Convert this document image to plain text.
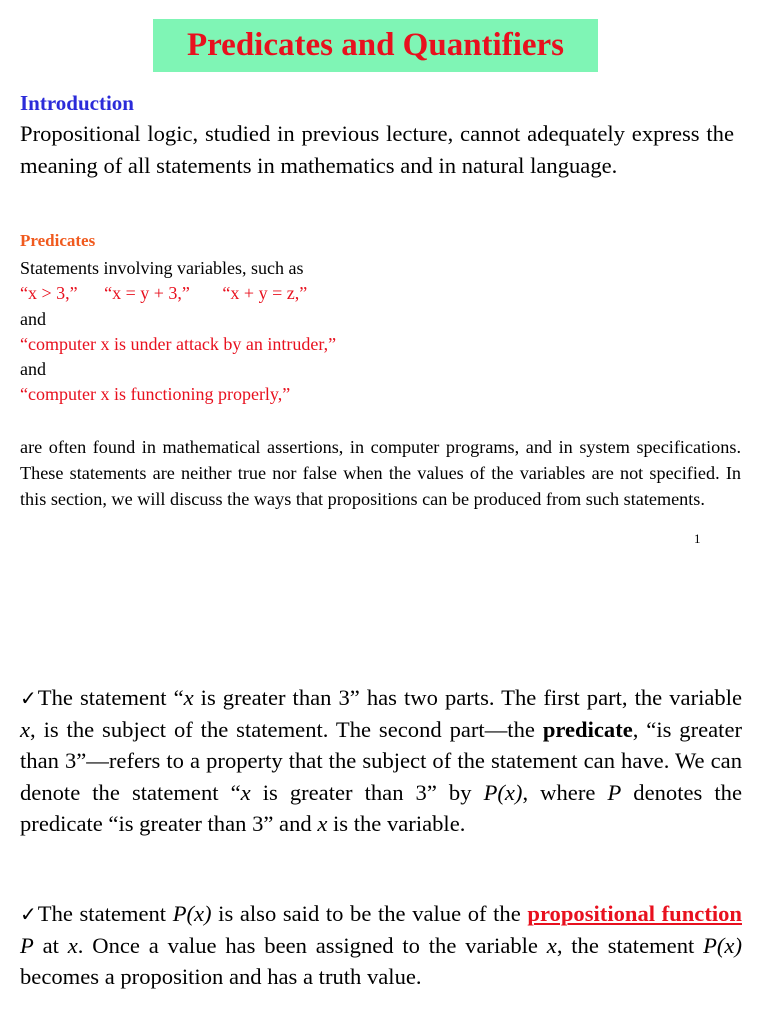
Predicates and Quantifiers
Introduction
Propositional logic, studied in previous lecture, cannot adequately express the meaning of all statements in mathematics and in natural language.
Predicates
Statements involving variables, such as
“x > 3,” “x = y + 3,” “x + y = z,”
and
“computer x is under attack by an intruder,”
and
“computer x is functioning properly,”
are often found in mathematical assertions, in computer programs, and in system specifications. These statements are neither true nor false when the values of the variables are not specified. In this section, we will discuss the ways that propositions can be produced from such statements.
1
✓The statement “x is greater than 3” has two parts. The first part, the variable x, is the subject of the statement. The second part—the predicate, “is greater than 3”—refers to a property that the subject of the statement can have. We can denote the statement “x is greater than 3” by P(x), where P denotes the predicate “is greater than 3” and x is the variable.
✓The statement P(x) is also said to be the value of the propositional function P at x. Once a value has been assigned to the variable x, the statement P(x) becomes a proposition and has a truth value.
